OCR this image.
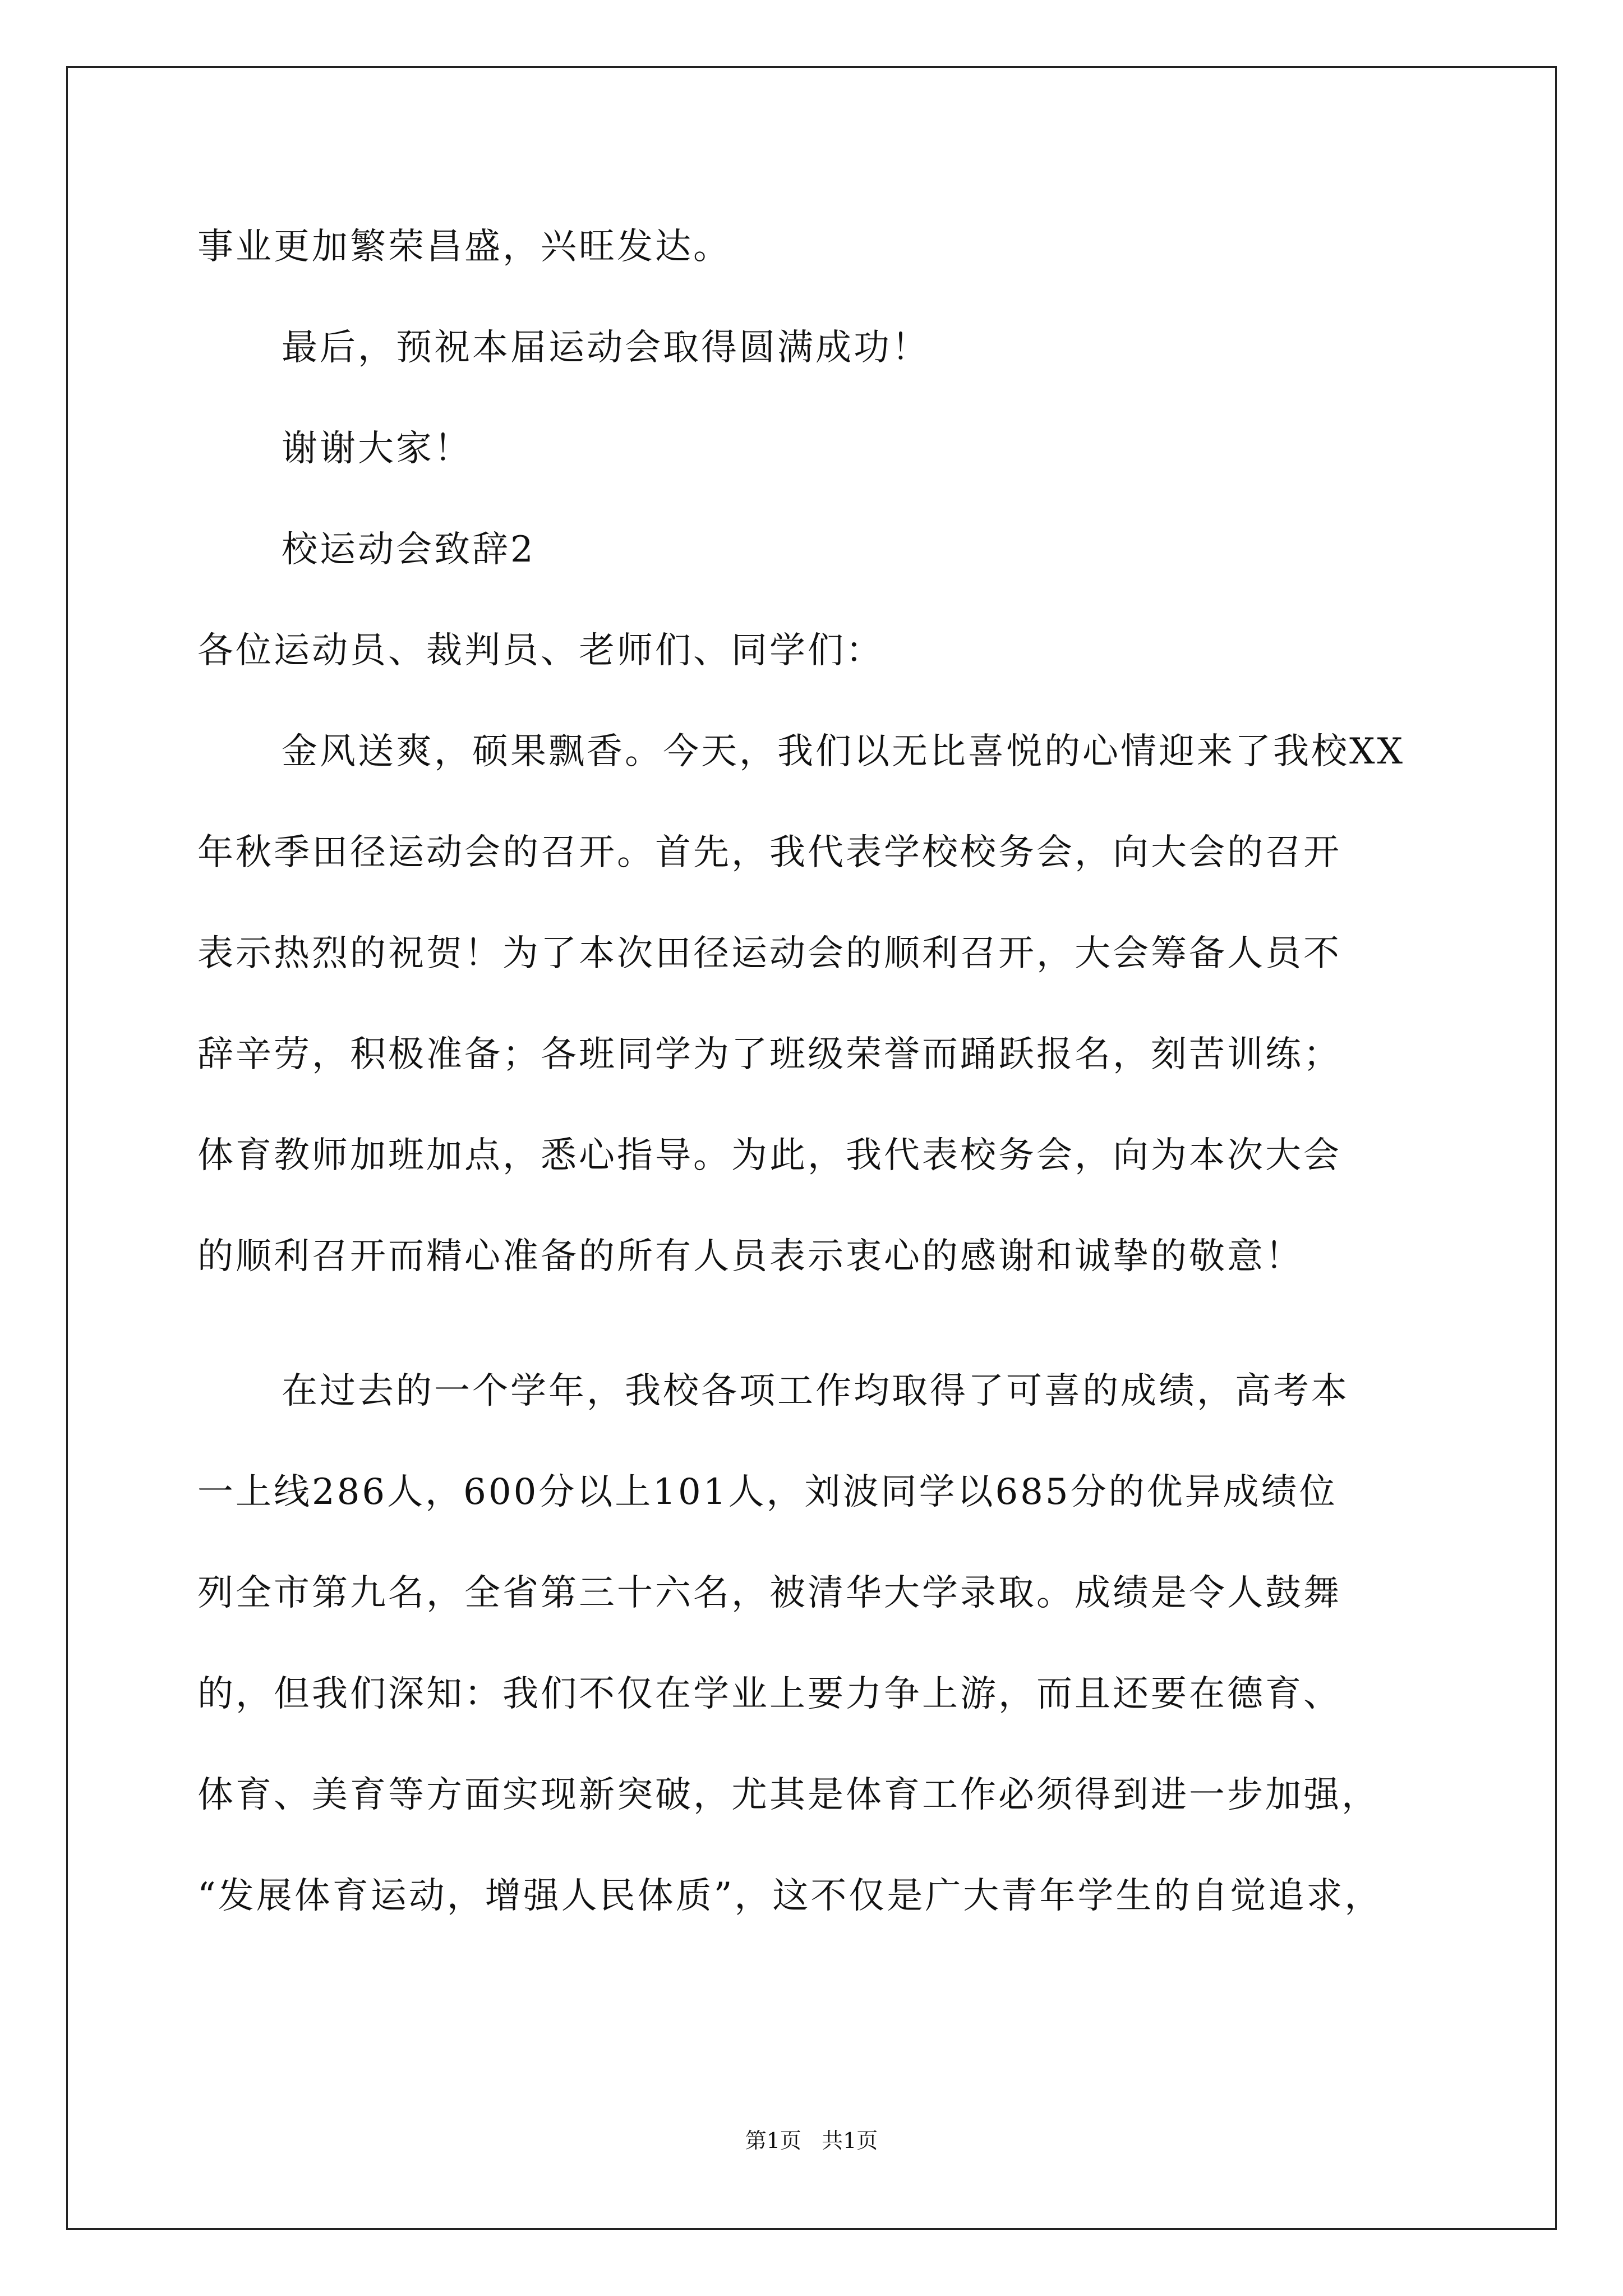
事业更加繁荣昌盛，兴旺发达。
最后，预祝本届运动会取得圆满成功！
谢谢大家！
校运动会致辞2
各位运动员、裁判员、老师们、同学们：
金风送爽，硕果飘香。今天，我们以无比喜悦的心情迎来了我校XX
年秋季田径运动会的召开。首先，我代表学校校务会，向大会的召开
表示热烈的祝贺！为了本次田径运动会的顺利召开，大会筹备人员不
辞辛劳，积极准备；各班同学为了班级荣誉而踊跃报名，刻苦训练；
体育教师加班加点，悉心指导。为此，我代表校务会，向为本次大会
的顺利召开而精心准备的所有人员表示衷心的感谢和诚挚的敬意！
在过去的一个学年，我校各项工作均取得了可喜的成绩，高考本
一上线286人，600分以上101人，刘波同学以685分的优异成绩位
列全市第九名，全省第三十六名，被清华大学录取。成绩是令人鼓舞
的，但我们深知：我们不仅在学业上要力争上游，而且还要在德育、
体育、美育等方面实现新突破，尤其是体育工作必须得到进一步加强，
“发展体育运动，增强人民体质”，这不仅是广大青年学生的自觉追求，
第1页   共1页
